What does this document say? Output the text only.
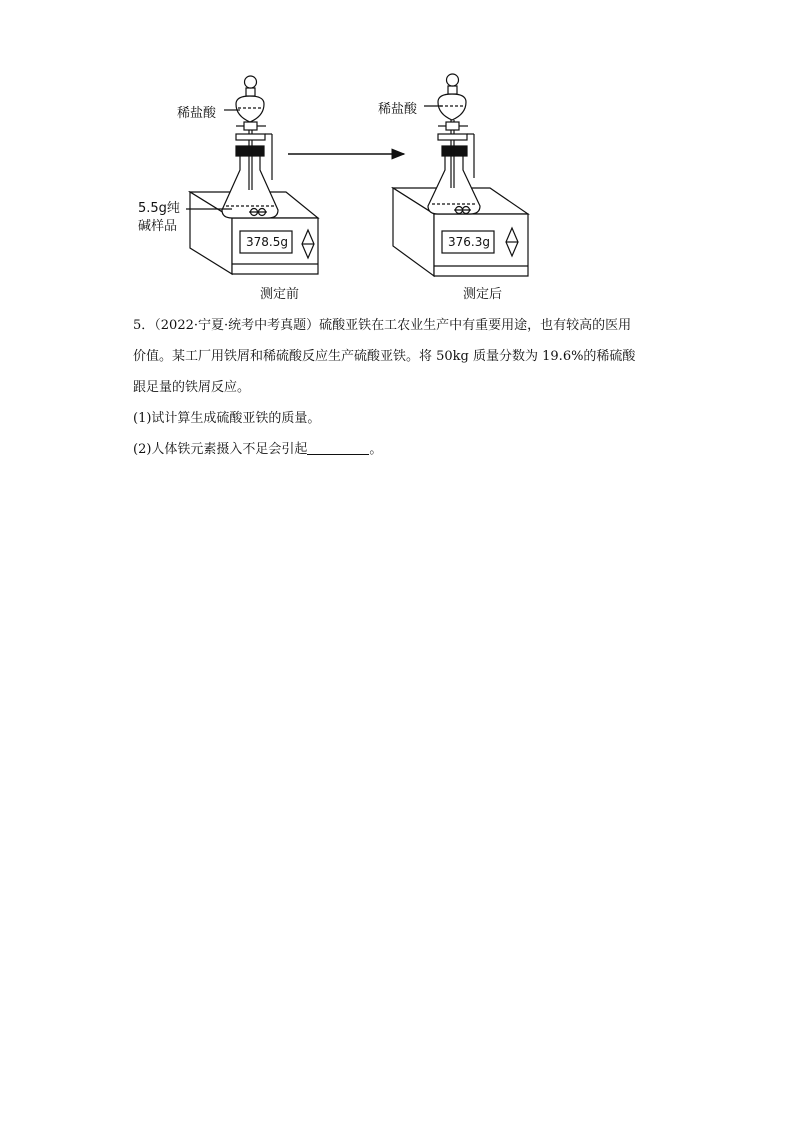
稀盐酸
5.5g纯
碱样品
378.5g
测定前
稀盐酸
376.3g
测定后

5．（2022·宁夏·统考中考真题）硫酸亚铁在工农业生产中有重要用途，也有较高的医用

价值。某工厂用铁屑和稀硫酸反应生产硫酸亚铁。将 50kg 质量分数为 19.6%的稀硫酸

跟足量的铁屑反应。

(1)试计算生成硫酸亚铁的质量。

(2)人体铁元素摄入不足会引起	。
